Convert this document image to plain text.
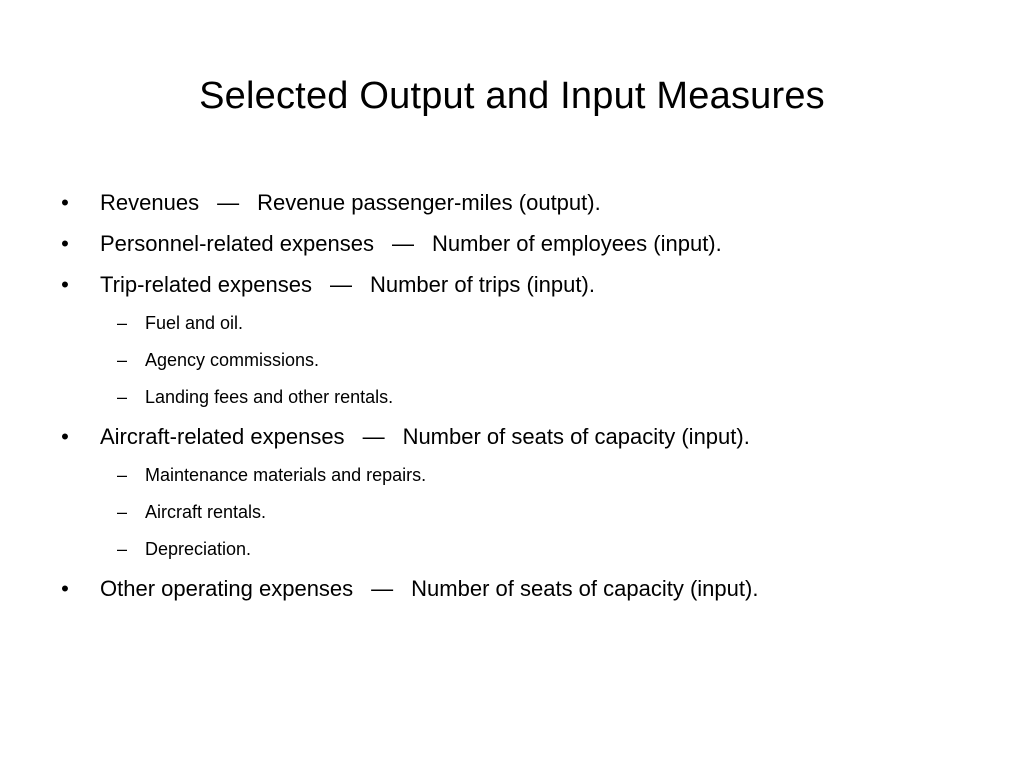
Selected Output and Input Measures
• Revenues — Revenue passenger-miles (output).
• Personnel-related expenses — Number of employees (input).
• Trip-related expenses — Number of trips (input).
– Fuel and oil.
– Agency commissions.
– Landing fees and other rentals.
• Aircraft-related expenses — Number of seats of capacity (input).
– Maintenance materials and repairs.
– Aircraft rentals.
– Depreciation.
• Other operating expenses — Number of seats of capacity (input).
